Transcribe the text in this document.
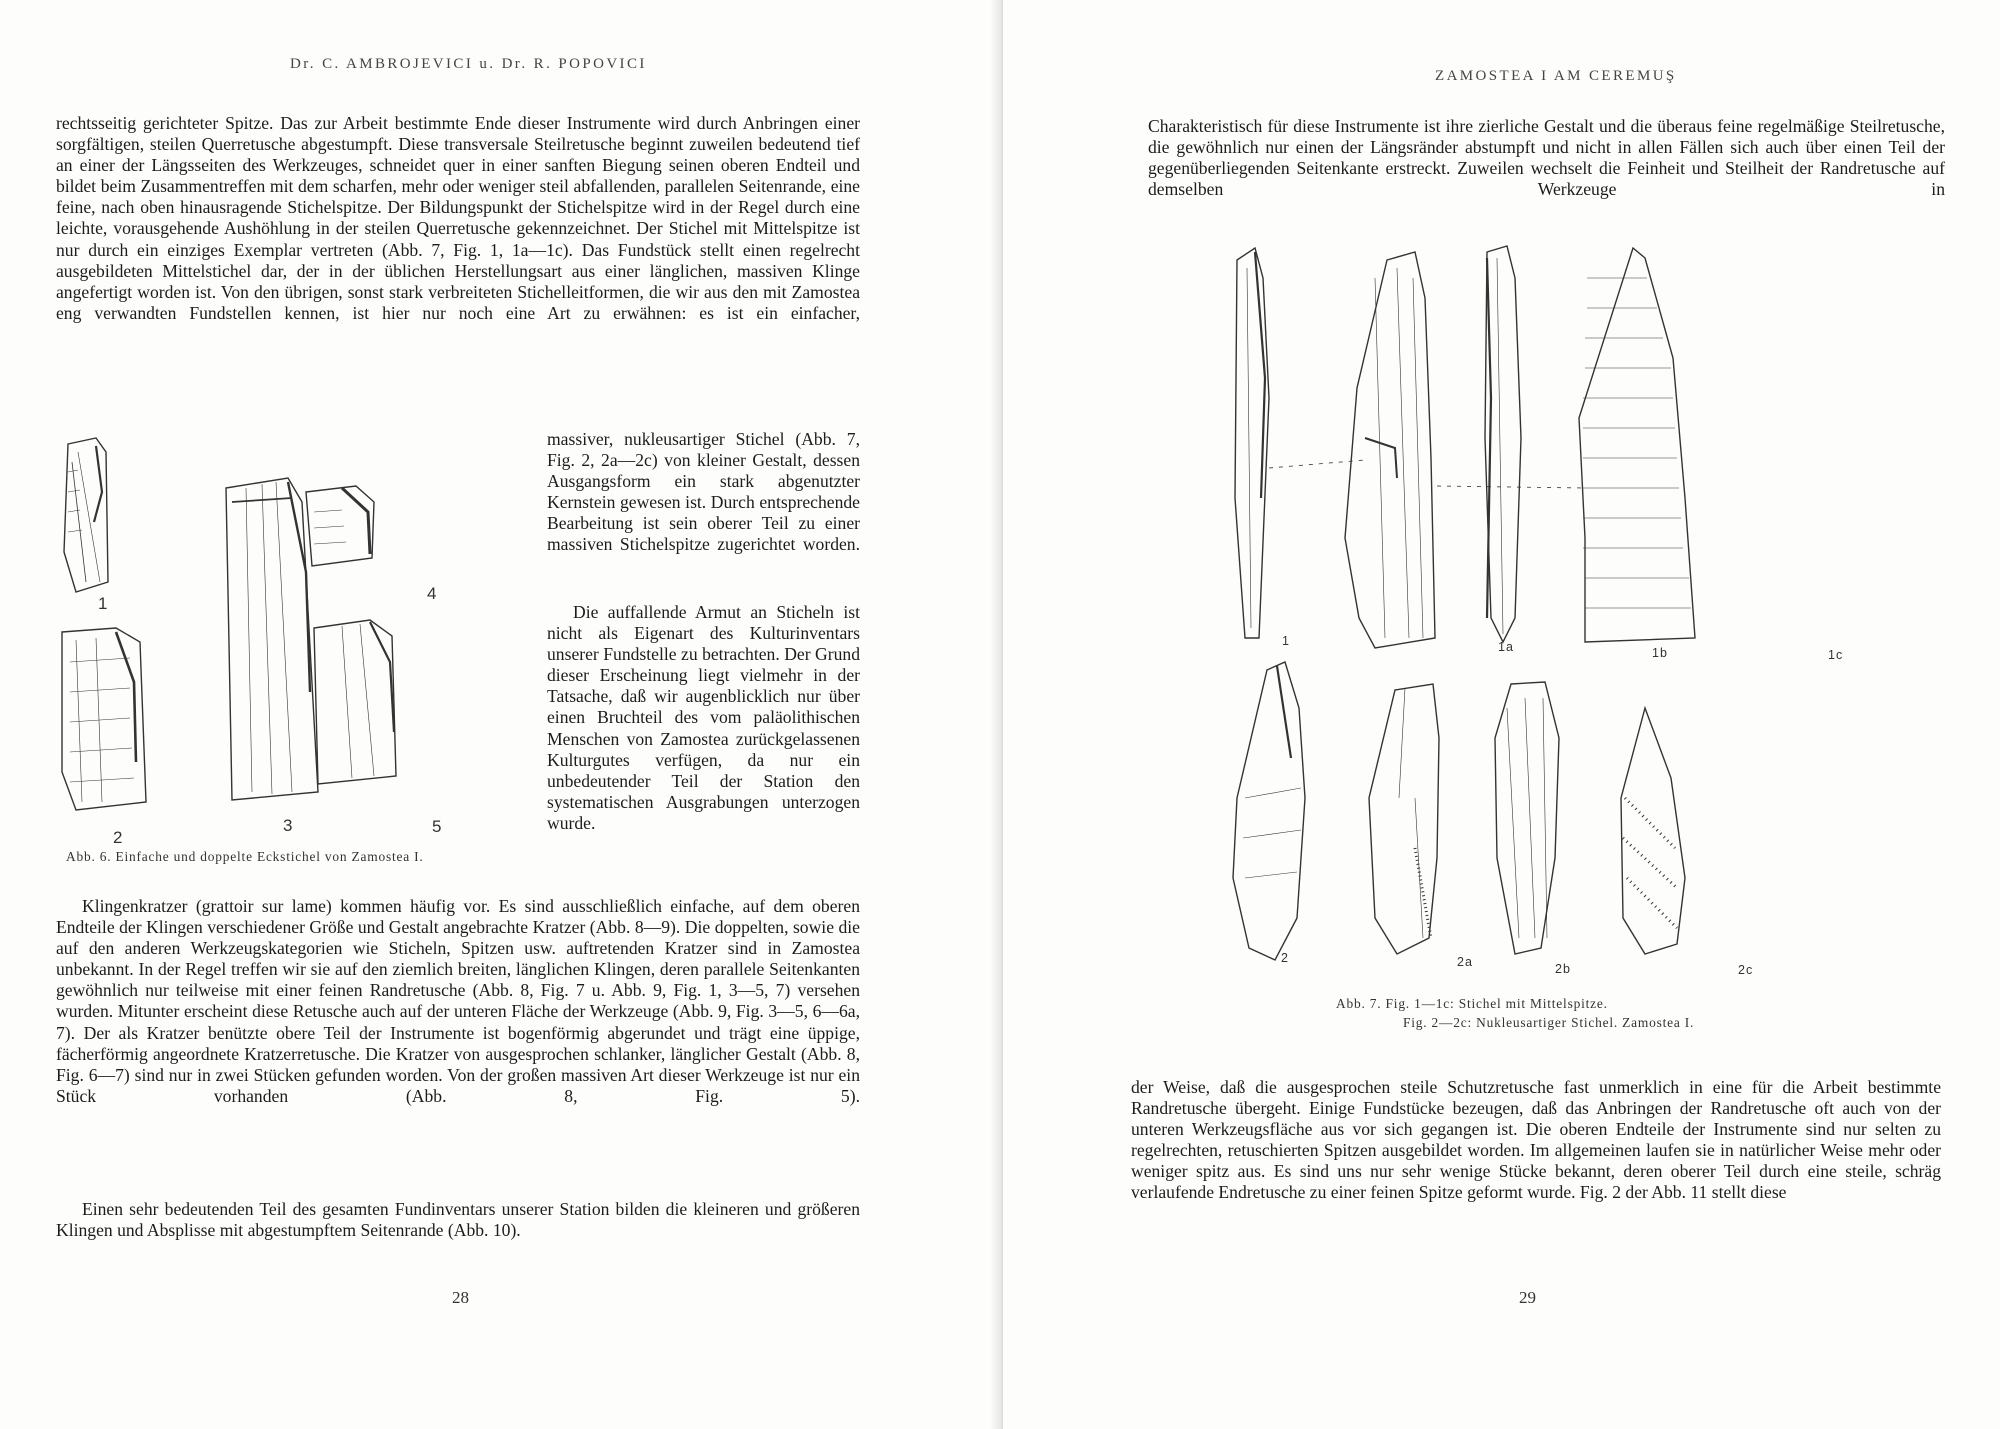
Dr. C. AMBROJEVICI u. Dr. R. POPOVICI
rechtsseitig gerichteter Spitze. Das zur Arbeit bestimmte Ende dieser Instrumente wird durch Anbringen einer sorgfältigen, steilen Querretusche abgestumpft. Diese transversale Steilretusche beginnt zuweilen bedeutend tief an einer der Längsseiten des Werkzeuges, schneidet quer in einer sanften Biegung seinen oberen Endteil und bildet beim Zusammentreffen mit dem scharfen, mehr oder weniger steil abfallenden, parallelen Seitenrande, eine feine, nach oben hinausragende Stichelspitze. Der Bildungspunkt der Stichelspitze wird in der Regel durch eine leichte, vorausgehende Aushöhlung in der steilen Querretusche gekennzeichnet. Der Stichel mit Mittelspitze ist nur durch ein einziges Exemplar vertreten (Abb. 7, Fig. 1, 1a—1c). Das Fundstück stellt einen regelrecht ausgebildeten Mittelstichel dar, der in der üblichen Herstellungsart aus einer länglichen, massiven Klinge angefertigt worden ist. Von den übrigen, sonst stark verbreiteten Stichelleitformen, die wir aus den mit Zamostea eng verwandten Fundstellen kennen, ist hier nur noch eine Art zu erwähnen: es ist ein einfacher,
1
2
3
4
5
Abb. 6. Einfache und doppelte Eckstichel von Zamostea I.
massiver, nukleusartiger Stichel (Abb. 7, Fig. 2, 2a—2c) von kleiner Gestalt, dessen Ausgangsform ein stark abgenutzter Kernstein gewesen ist. Durch entsprechende Bearbeitung ist sein oberer Teil zu einer massiven Stichelspitze zugerichtet worden.
Die auffallende Armut an Sticheln ist nicht als Eigenart des Kulturinventars unserer Fundstelle zu betrachten. Der Grund dieser Erscheinung liegt vielmehr in der Tatsache, daß wir augenblicklich nur über einen Bruchteil des vom paläolithischen Menschen von Zamostea zurückgelassenen Kulturgutes verfügen, da nur ein unbedeutender Teil der Station den systematischen Ausgrabungen unterzogen wurde.
Klingenkratzer (grattoir sur lame) kommen häufig vor. Es sind ausschließlich einfache, auf dem oberen Endteile der Klingen verschiedener Größe und Gestalt angebrachte Kratzer (Abb. 8—9). Die doppelten, sowie die auf den anderen Werkzeugskategorien wie Sticheln, Spitzen usw. auftretenden Kratzer sind in Zamostea unbekannt. In der Regel treffen wir sie auf den ziemlich breiten, länglichen Klingen, deren parallele Seitenkanten gewöhnlich nur teilweise mit einer feinen Randretusche (Abb. 8, Fig. 7 u. Abb. 9, Fig. 1, 3—5, 7) versehen wurden. Mitunter erscheint diese Retusche auch auf der unteren Fläche der Werkzeuge (Abb. 9, Fig. 3—5, 6—6a, 7). Der als Kratzer benützte obere Teil der Instrumente ist bogenförmig abgerundet und trägt eine üppige, fächerförmig angeordnete Kratzerretusche. Die Kratzer von ausgesprochen schlanker, länglicher Gestalt (Abb. 8, Fig. 6—7) sind nur in zwei Stücken gefunden worden. Von der großen massiven Art dieser Werkzeuge ist nur ein Stück vorhanden (Abb. 8, Fig. 5).
Einen sehr bedeutenden Teil des gesamten Fundinventars unserer Station bilden die kleineren und größeren Klingen und Absplisse mit abgestumpftem Seitenrande (Abb. 10).
28
ZAMOSTEA I AM CEREMUŞ
Charakteristisch für diese Instrumente ist ihre zierliche Gestalt und die überaus feine regelmäßige Steilretusche, die gewöhnlich nur einen der Längsränder abstumpft und nicht in allen Fällen sich auch über einen Teil der gegenüberliegenden Seitenkante erstreckt. Zuweilen wechselt die Feinheit und Steilheit der Randretusche auf demselben Werkzeuge in
1	1a	1b	1c
2	2a	2b	2c
Abb. 7. Fig. 1—1c: Stichel mit Mittelspitze.
Fig. 2—2c: Nukleusartiger Stichel. Zamostea I.
der Weise, daß die ausgesprochen steile Schutzretusche fast unmerklich in eine für die Arbeit bestimmte Randretusche übergeht. Einige Fundstücke bezeugen, daß das Anbringen der Randretusche oft auch von der unteren Werkzeugsfläche aus vor sich gegangen ist. Die oberen Endteile der Instrumente sind nur selten zu regelrechten, retuschierten Spitzen ausgebildet worden. Im allgemeinen laufen sie in natürlicher Weise mehr oder weniger spitz aus. Es sind uns nur sehr wenige Stücke bekannt, deren oberer Teil durch eine steile, schräg verlaufende Endretusche zu einer feinen Spitze geformt wurde. Fig. 2 der Abb. 11 stellt diese
29
